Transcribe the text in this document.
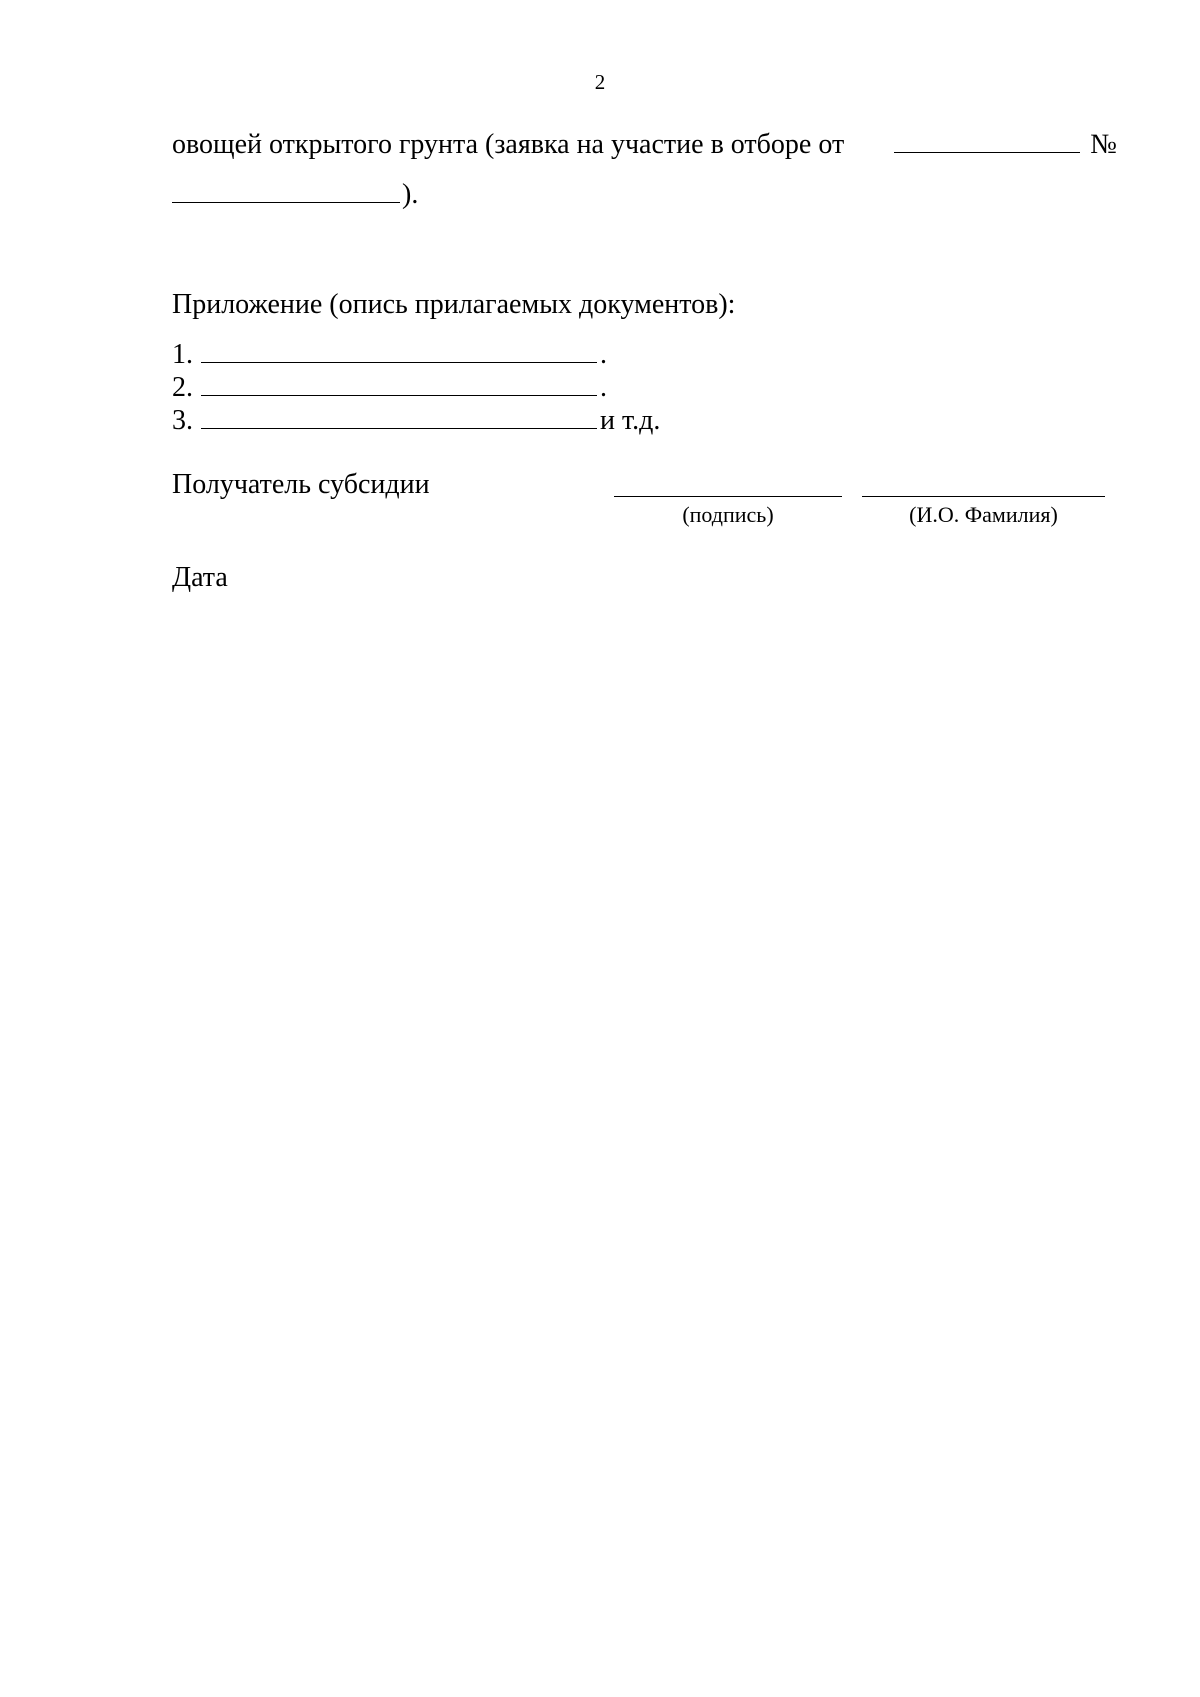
2
овощей открытого грунта (заявка на участие в отборе от	№
).
Приложение (опись прилагаемых документов):
1.	.
2.	.
3.	и т.д.
Получатель субсидии
(подпись)	(И.О. Фамилия)
Дата
